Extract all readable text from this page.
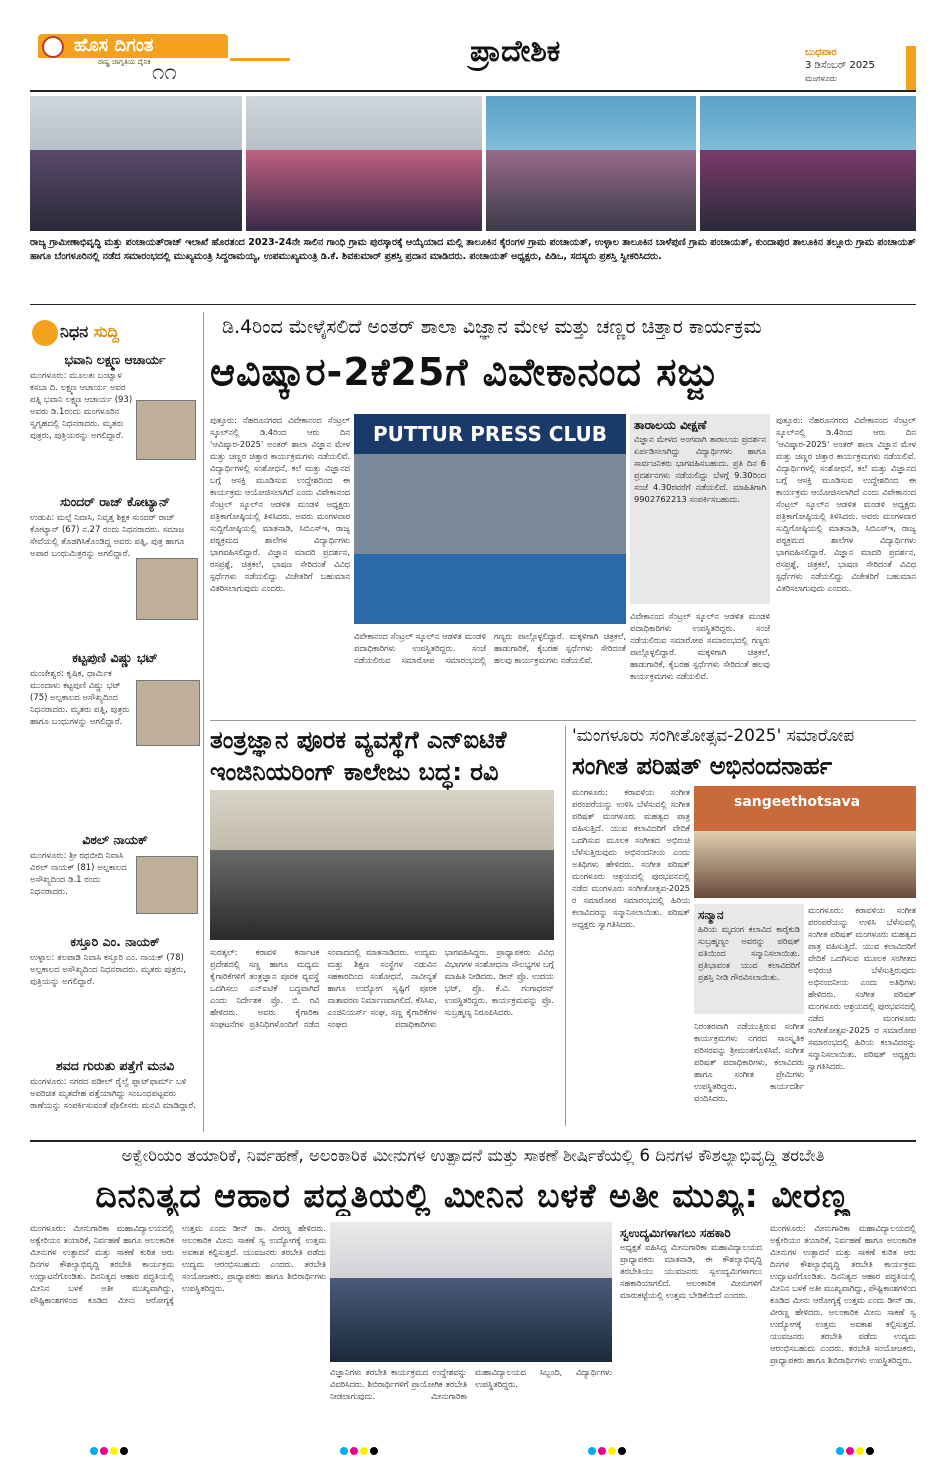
ಹೊಸ ದಿಗಂತ
ರಾಷ್ಟ್ರ ಜಾಗೃತಿಯ ದೈನಿಕ ೧೧
ಪ್ರಾದೇಶಿಕ	ಬುಧವಾರ
3 ಡಿಸೆಂಬರ್ 2025
ಮಂಗಳೂರು
ರಾಜ್ಯ ಗ್ರಾಮೀಣಾಭಿವೃದ್ಧಿ ಮತ್ತು ಪಂಚಾಯತ್‌ರಾಜ್ ಇಲಾಖೆ ಹೊರತಂದ 2023-24ನೇ ಸಾಲಿನ ಗಾಂಧಿ ಗ್ರಾಮ ಪುರಸ್ಕಾರಕ್ಕೆ ಆಯ್ಕೆಯಾದ ಮಲ್ಲಿ ತಾಲೂಕಿನ ಕೈರಂಗಳ ಗ್ರಾಮ ಪಂಚಾಯತ್, ಉಳ್ಳಾಲ ತಾಲೂಕಿನ ಬಾಳೆಪುಣಿ ಗ್ರಾಮ ಪಂಚಾಯತ್, ಕುಂದಾಪುರ ತಾಲೂಕಿನ ತಲ್ಲೂರು ಗ್ರಾಮ ಪಂಚಾಯತ್ ಹಾಗೂ ಬೆಂಗಳೂರಿನಲ್ಲಿ ನಡೆದ ಸಮಾರಂಭದಲ್ಲಿ ಮುಖ್ಯಮಂತ್ರಿ ಸಿದ್ದರಾಮಯ್ಯ, ಉಪಮುಖ್ಯಮಂತ್ರಿ ಡಿ.ಕೆ. ಶಿವಕುಮಾರ್ ಪ್ರಶಸ್ತಿ ಪ್ರದಾನ ಮಾಡಿದರು. ಪಂಚಾಯತ್ ಅಧ್ಯಕ್ಷರು, ಪಿಡಿಒ, ಸದಸ್ಯರು ಪ್ರಶಸ್ತಿ ಸ್ವೀಕರಿಸಿದರು.
ನಿಧನ ಸುದ್ದಿ
ಭವಾನಿ ಲಕ್ಷ್ಮಣ ಆಚಾರ್ಯ
ಮಂಗಳೂರು: ಮೂಲತಃ ಬಂಟ್ವಾಳ ಕಸಬಾ ದಿ. ಲಕ್ಷ್ಮಣ ಆಚಾರ್ಯ ಅವರ ಪತ್ನಿ ಭವಾನಿ ಲಕ್ಷ್ಮಣ ಆಚಾರ್ಯ (93) ಅವರು ಡಿ.1ರಂದು ಮಂಗಳೂರಿನ ಸ್ವಗೃಹದಲ್ಲಿ ನಿಧನರಾದರು. ಮೃತರು ಪುತ್ರರು, ಪುತ್ರಿಯರನ್ನು ಅಗಲಿದ್ದಾರೆ.
ಸುಂದರ್ ರಾಜ್ ಕೋಟ್ಯಾನ್
ಉಡುಪಿ: ಮಲ್ಪೆ ನಿವಾಸಿ, ನಿವೃತ್ತ ಶಿಕ್ಷಕ ಸುಂದರ್ ರಾಜ್ ಕೋಟ್ಯಾನ್ (67) ನ.27 ರಂದು ನಿಧನರಾದರು. ಸಮಾಜ ಸೇವೆಯಲ್ಲಿ ತೊಡಗಿಸಿಕೊಂಡಿದ್ದ ಅವರು ಪತ್ನಿ, ಪುತ್ರ ಹಾಗೂ ಅಪಾರ ಬಂಧುಮಿತ್ರರನ್ನು ಅಗಲಿದ್ದಾರೆ.
ಕಟ್ಟಪುಣಿ ವಿಷ್ಣು ಭಟ್
ಮಂಜೇಶ್ವರ: ಕೃಷಿಕ, ಧಾರ್ಮಿಕ ಮುಂದಾಳು ಕಟ್ಟಪುಣಿ ವಿಷ್ಣು ಭಟ್ (75) ಅಲ್ಪಕಾಲದ ಅಸೌಖ್ಯದಿಂದ ನಿಧನರಾದರು. ಮೃತರು ಪತ್ನಿ, ಪುತ್ರರು ಹಾಗೂ ಬಂಧುಗಳನ್ನು ಅಗಲಿದ್ದಾರೆ.
ವಿಠಲ್ ನಾಯಕ್
ಮಂಗಳೂರು: ಶ್ರೀ ರಥಬೀದಿ ನಿವಾಸಿ ವಿಠಲ್ ನಾಯಕ್ (81) ಅಲ್ಪಕಾಲದ ಅಸೌಖ್ಯದಿಂದ ಡಿ.1 ರಂದು ನಿಧನರಾದರು.
ಕಸ್ತೂರಿ ಎಂ. ನಾಯಕ್
ಉಳ್ಳಾಲ: ತಲಪಾಡಿ ನಿವಾಸಿ ಕಸ್ತೂರಿ ಎಂ. ನಾಯಕ್ (78) ಅಲ್ಪಕಾಲದ ಅಸೌಖ್ಯದಿಂದ ನಿಧನರಾದರು. ಮೃತರು ಪುತ್ರರು, ಪುತ್ರಿಯನ್ನು ಅಗಲಿದ್ದಾರೆ.
ಶವದ ಗುರುತು ಪತ್ತೆಗೆ ಮನವಿ
ಮಂಗಳೂರು: ನಗರದ ಪಡೀಲ್ ರೈಲ್ವೆ ಪ್ಲಾಟ್‌ಫಾರ್ಮ್ ಬಳಿ ಅಪರಿಚಿತ ಮೃತದೇಹ ಪತ್ತೆಯಾಗಿದ್ದು ಸಂಬಂಧಪಟ್ಟವರು ಠಾಣೆಯನ್ನು ಸಂಪರ್ಕಿಸುವಂತೆ ಪೊಲೀಸರು ಮನವಿ ಮಾಡಿದ್ದಾರೆ.
ಡಿ.4ರಿಂದ ಮೇಳೈಸಲಿದೆ ಅಂತರ್ ಶಾಲಾ ವಿಜ್ಞಾನ ಮೇಳ ಮತ್ತು ಚಣ್ಣರ ಚಿತ್ತಾರ ಕಾರ್ಯಕ್ರಮ
ಆವಿಷ್ಕಾರ-2ಕೆ25ಗೆ ವಿವೇಕಾನಂದ ಸಜ್ಜು
ಪುತ್ತೂರು: ನೆಹರೂನಗರದ ವಿವೇಕಾನಂದ ಸೆಂಟ್ರಲ್ ಸ್ಕೂಲ್‌ನಲ್ಲಿ ಡಿ.4ರಿಂದ ಆರು ದಿನ 'ಆವಿಷ್ಕಾರ-2025' ಅಂತರ್ ಶಾಲಾ ವಿಜ್ಞಾನ ಮೇಳ ಮತ್ತು ಚಣ್ಣರ ಚಿತ್ತಾರ ಕಾರ್ಯಕ್ರಮಗಳು ನಡೆಯಲಿವೆ. ವಿದ್ಯಾರ್ಥಿಗಳಲ್ಲಿ ಸಂಶೋಧನೆ, ಕಲೆ ಮತ್ತು ವಿಜ್ಞಾನದ ಬಗ್ಗೆ ಆಸಕ್ತಿ ಮೂಡಿಸುವ ಉದ್ದೇಶದಿಂದ ಈ ಕಾರ್ಯಕ್ರಮ ಆಯೋಜಿಸಲಾಗಿದೆ ಎಂದು ವಿವೇಕಾನಂದ ಸೆಂಟ್ರಲ್ ಸ್ಕೂಲ್‌ನ ಆಡಳಿತ ಮಂಡಳಿ ಅಧ್ಯಕ್ಷರು ಪತ್ರಿಕಾಗೋಷ್ಠಿಯಲ್ಲಿ ತಿಳಿಸಿದರು. ಅವರು ಮಂಗಳವಾರ ಸುದ್ದಿಗೋಷ್ಠಿಯಲ್ಲಿ ಮಾತನಾಡಿ, ಸಿಬಿಎಸ್‌ಇ, ರಾಜ್ಯ ಪಠ್ಯಕ್ರಮದ ಶಾಲೆಗಳ ವಿದ್ಯಾರ್ಥಿಗಳು ಭಾಗವಹಿಸಲಿದ್ದಾರೆ. ವಿಜ್ಞಾನ ಮಾದರಿ ಪ್ರದರ್ಶನ, ರಸಪ್ರಶ್ನೆ, ಚಿತ್ರಕಲೆ, ಭಾಷಣ ಸೇರಿದಂತೆ ವಿವಿಧ ಸ್ಪರ್ಧೆಗಳು ನಡೆಯಲಿದ್ದು ವಿಜೇತರಿಗೆ ಬಹುಮಾನ ವಿತರಿಸಲಾಗುವುದು ಎಂದರು.
PUTTUR PRESS CLUB
ವಿವೇಕಾನಂದ ಸೆಂಟ್ರಲ್ ಸ್ಕೂಲ್‌ನ ಆಡಳಿತ ಮಂಡಳಿ ಪದಾಧಿಕಾರಿಗಳು ಉಪಸ್ಥಿತರಿದ್ದರು. ಸಂಜೆ ನಡೆಯಲಿರುವ ಸಮಾರೋಪ ಸಮಾರಂಭದಲ್ಲಿ ಗಣ್ಯರು ಪಾಲ್ಗೊಳ್ಳಲಿದ್ದಾರೆ. ಮಕ್ಕಳಿಗಾಗಿ ಚಿತ್ರಕಲೆ, ಹಾಡುಗಾರಿಕೆ, ಕೈಬರಹ ಸ್ಪರ್ಧೆಗಳು ಸೇರಿದಂತೆ ಹಲವು ಕಾರ್ಯಕ್ರಮಗಳು ನಡೆಯಲಿವೆ.
ತಾರಾಲಯ ವೀಕ್ಷಣೆ
ವಿಜ್ಞಾನ ಮೇಳದ ಅಂಗವಾಗಿ ತಾರಾಲಯ ಪ್ರದರ್ಶನ ಏರ್ಪಡಿಸಲಾಗಿದ್ದು ವಿದ್ಯಾರ್ಥಿಗಳು ಹಾಗೂ ಸಾರ್ವಜನಿಕರು ಭಾಗವಹಿಸಬಹುದು. ಪ್ರತಿ ದಿನ 6 ಪ್ರದರ್ಶನಗಳು ನಡೆಯಲಿದ್ದು ಬೆಳಗ್ಗೆ 9.30ರಿಂದ ಸಂಜೆ 4.30ರವರೆಗೆ ನಡೆಯಲಿದೆ. ಮಾಹಿತಿಗಾಗಿ 9902762213 ಸಂಪರ್ಕಿಸಬಹುದು.
ವಿವೇಕಾನಂದ ಸೆಂಟ್ರಲ್ ಸ್ಕೂಲ್‌ನ ಆಡಳಿತ ಮಂಡಳಿ ಪದಾಧಿಕಾರಿಗಳು ಉಪಸ್ಥಿತರಿದ್ದರು. ಸಂಜೆ ನಡೆಯಲಿರುವ ಸಮಾರೋಪ ಸಮಾರಂಭದಲ್ಲಿ ಗಣ್ಯರು ಪಾಲ್ಗೊಳ್ಳಲಿದ್ದಾರೆ. ಮಕ್ಕಳಿಗಾಗಿ ಚಿತ್ರಕಲೆ, ಹಾಡುಗಾರಿಕೆ, ಕೈಬರಹ ಸ್ಪರ್ಧೆಗಳು ಸೇರಿದಂತೆ ಹಲವು ಕಾರ್ಯಕ್ರಮಗಳು ನಡೆಯಲಿವೆ.
ಪುತ್ತೂರು: ನೆಹರೂನಗರದ ವಿವೇಕಾನಂದ ಸೆಂಟ್ರಲ್ ಸ್ಕೂಲ್‌ನಲ್ಲಿ ಡಿ.4ರಿಂದ ಆರು ದಿನ 'ಆವಿಷ್ಕಾರ-2025' ಅಂತರ್ ಶಾಲಾ ವಿಜ್ಞಾನ ಮೇಳ ಮತ್ತು ಚಣ್ಣರ ಚಿತ್ತಾರ ಕಾರ್ಯಕ್ರಮಗಳು ನಡೆಯಲಿವೆ. ವಿದ್ಯಾರ್ಥಿಗಳಲ್ಲಿ ಸಂಶೋಧನೆ, ಕಲೆ ಮತ್ತು ವಿಜ್ಞಾನದ ಬಗ್ಗೆ ಆಸಕ್ತಿ ಮೂಡಿಸುವ ಉದ್ದೇಶದಿಂದ ಈ ಕಾರ್ಯಕ್ರಮ ಆಯೋಜಿಸಲಾಗಿದೆ ಎಂದು ವಿವೇಕಾನಂದ ಸೆಂಟ್ರಲ್ ಸ್ಕೂಲ್‌ನ ಆಡಳಿತ ಮಂಡಳಿ ಅಧ್ಯಕ್ಷರು ಪತ್ರಿಕಾಗೋಷ್ಠಿಯಲ್ಲಿ ತಿಳಿಸಿದರು. ಅವರು ಮಂಗಳವಾರ ಸುದ್ದಿಗೋಷ್ಠಿಯಲ್ಲಿ ಮಾತನಾಡಿ, ಸಿಬಿಎಸ್‌ಇ, ರಾಜ್ಯ ಪಠ್ಯಕ್ರಮದ ಶಾಲೆಗಳ ವಿದ್ಯಾರ್ಥಿಗಳು ಭಾಗವಹಿಸಲಿದ್ದಾರೆ. ವಿಜ್ಞಾನ ಮಾದರಿ ಪ್ರದರ್ಶನ, ರಸಪ್ರಶ್ನೆ, ಚಿತ್ರಕಲೆ, ಭಾಷಣ ಸೇರಿದಂತೆ ವಿವಿಧ ಸ್ಪರ್ಧೆಗಳು ನಡೆಯಲಿದ್ದು ವಿಜೇತರಿಗೆ ಬಹುಮಾನ ವಿತರಿಸಲಾಗುವುದು ಎಂದರು.
ತಂತ್ರಜ್ಞಾನ ಪೂರಕ ವ್ಯವಸ್ಥೆಗೆ ಎನ್‌ಐಟಿಕೆ
ಇಂಜಿನಿಯರಿಂಗ್ ಕಾಲೇಜು ಬದ್ಧ: ರವಿ
ಸುರತ್ಕಲ್: ಕರಾವಳಿ ಕರ್ನಾಟಕ ಪ್ರದೇಶದಲ್ಲಿ ಸಣ್ಣ ಹಾಗೂ ಮಧ್ಯಮ ಕೈಗಾರಿಕೆಗಳಿಗೆ ತಂತ್ರಜ್ಞಾನ ಪೂರಕ ವ್ಯವಸ್ಥೆ ಒದಗಿಸಲು ಎನ್‌ಐಟಿಕೆ ಬದ್ಧವಾಗಿದೆ ಎಂದು ನಿರ್ದೇಶಕ ಪ್ರೊ. ಬಿ. ರವಿ ಹೇಳಿದರು. ಅವರು ಕೈಗಾರಿಕಾ ಸಂಘಟನೆಗಳ ಪ್ರತಿನಿಧಿಗಳೊಂದಿಗೆ ನಡೆದ ಸಂವಾದದಲ್ಲಿ ಮಾತನಾಡಿದರು. ಉದ್ಯಮ ಮತ್ತು ಶಿಕ್ಷಣ ಸಂಸ್ಥೆಗಳ ನಡುವಿನ ಸಹಕಾರದಿಂದ ಸಂಶೋಧನೆ, ನಾವೀನ್ಯತೆ ಹಾಗೂ ಉದ್ಯೋಗ ಸೃಷ್ಟಿಗೆ ಪೂರಕ ವಾತಾವರಣ ನಿರ್ಮಾಣವಾಗಲಿದೆ. ಕೆಸಿಸಿಐ, ಎಂಜಿನಿಯರ್ಸ್ ಸಂಘ, ಸಣ್ಣ ಕೈಗಾರಿಕೆಗಳ ಸಂಘದ ಪದಾಧಿಕಾರಿಗಳು ಭಾಗವಹಿಸಿದ್ದರು. ಪ್ರಾಧ್ಯಾಪಕರು ವಿವಿಧ ವಿಭಾಗಗಳ ಸಂಶೋಧನಾ ಸೌಲಭ್ಯಗಳ ಬಗ್ಗೆ ಮಾಹಿತಿ ನೀಡಿದರು. ಡೀನ್ ಪ್ರೊ. ಉದಯ ಭಟ್, ಪ್ರೊ. ಕೆ.ವಿ. ಗಂಗಾಧರನ್ ಉಪಸ್ಥಿತರಿದ್ದರು. ಕಾರ್ಯಕ್ರಮವನ್ನು ಪ್ರೊ. ಸುಬ್ರಹ್ಮಣ್ಯ ನಿರೂಪಿಸಿದರು.
'ಮಂಗಳೂರು ಸಂಗೀತೋತ್ಸವ-2025' ಸಮಾರೋಪ
ಸಂಗೀತ ಪರಿಷತ್ ಅಭಿನಂದನಾರ್ಹ
ಮಂಗಳೂರು: ಕರಾವಳಿಯ ಸಂಗೀತ ಪರಂಪರೆಯನ್ನು ಉಳಿಸಿ ಬೆಳೆಸುವಲ್ಲಿ ಸಂಗೀತ ಪರಿಷತ್ ಮಂಗಳೂರು ಮಹತ್ವದ ಪಾತ್ರ ವಹಿಸುತ್ತಿದೆ. ಯುವ ಕಲಾವಿದರಿಗೆ ವೇದಿಕೆ ಒದಗಿಸುವ ಮೂಲಕ ಸಂಗೀತದ ಅಭಿರುಚಿ ಬೆಳೆಸುತ್ತಿರುವುದು ಅಭಿನಂದನೀಯ ಎಂದು ಅತಿಥಿಗಳು ಹೇಳಿದರು. ಸಂಗೀತ ಪರಿಷತ್ ಮಂಗಳೂರು ಆಶ್ರಯದಲ್ಲಿ ಪುರಭವನದಲ್ಲಿ ನಡೆದ ಮಂಗಳೂರು ಸಂಗೀತೋತ್ಸವ-2025 ರ ಸಮಾರೋಪ ಸಮಾರಂಭದಲ್ಲಿ ಹಿರಿಯ ಕಲಾವಿದರನ್ನು ಸನ್ಮಾನಿಸಲಾಯಿತು. ಪರಿಷತ್ ಅಧ್ಯಕ್ಷರು ಸ್ವಾಗತಿಸಿದರು.
sangeethotsava
ಸನ್ಮಾನ
ಹಿರಿಯ ಮೃದಂಗ ಕಲಾವಿದ ಕಾರೈಕುಡಿ ಸುಬ್ರಹ್ಮಣ್ಯಂ ಅವರನ್ನು ಪರಿಷತ್ ವತಿಯಿಂದ ಸನ್ಮಾನಿಸಲಾಯಿತು. ಪ್ರತಿಭಾವಂತ ಯುವ ಕಲಾವಿದರಿಗೆ ಪ್ರಶಸ್ತಿ ನೀಡಿ ಗೌರವಿಸಲಾಯಿತು.
ನಿರಂತರವಾಗಿ ನಡೆಯುತ್ತಿರುವ ಸಂಗೀತ ಕಾರ್ಯಕ್ರಮಗಳು ನಗರದ ಸಾಂಸ್ಕೃತಿಕ ಪರಿಸರವನ್ನು ಶ್ರೀಮಂತಗೊಳಿಸಿವೆ. ಸಂಗೀತ ಪರಿಷತ್ ಪದಾಧಿಕಾರಿಗಳು, ಕಲಾವಿದರು ಹಾಗೂ ಸಂಗೀತ ಪ್ರೇಮಿಗಳು ಉಪಸ್ಥಿತರಿದ್ದರು. ಕಾರ್ಯದರ್ಶಿ ವಂದಿಸಿದರು.
ಮಂಗಳೂರು: ಕರಾವಳಿಯ ಸಂಗೀತ ಪರಂಪರೆಯನ್ನು ಉಳಿಸಿ ಬೆಳೆಸುವಲ್ಲಿ ಸಂಗೀತ ಪರಿಷತ್ ಮಂಗಳೂರು ಮಹತ್ವದ ಪಾತ್ರ ವಹಿಸುತ್ತಿದೆ. ಯುವ ಕಲಾವಿದರಿಗೆ ವೇದಿಕೆ ಒದಗಿಸುವ ಮೂಲಕ ಸಂಗೀತದ ಅಭಿರುಚಿ ಬೆಳೆಸುತ್ತಿರುವುದು ಅಭಿನಂದನೀಯ ಎಂದು ಅತಿಥಿಗಳು ಹೇಳಿದರು. ಸಂಗೀತ ಪರಿಷತ್ ಮಂಗಳೂರು ಆಶ್ರಯದಲ್ಲಿ ಪುರಭವನದಲ್ಲಿ ನಡೆದ ಮಂಗಳೂರು ಸಂಗೀತೋತ್ಸವ-2025 ರ ಸಮಾರೋಪ ಸಮಾರಂಭದಲ್ಲಿ ಹಿರಿಯ ಕಲಾವಿದರನ್ನು ಸನ್ಮಾನಿಸಲಾಯಿತು. ಪರಿಷತ್ ಅಧ್ಯಕ್ಷರು ಸ್ವಾಗತಿಸಿದರು.
ಅಕ್ವೇರಿಯಂ ತಯಾರಿಕೆ, ನಿರ್ವಹಣೆ, ಅಲಂಕಾರಿಕ ಮೀನುಗಳ ಉತ್ಪಾದನೆ ಮತ್ತು ಸಾಕಣೆ ಶೀರ್ಷಿಕೆಯಲ್ಲಿ 6 ದಿನಗಳ ಕೌಶಲ್ಯಾಭಿವೃದ್ಧಿ ತರಬೇತಿ
ದಿನನಿತ್ಯದ ಆಹಾರ ಪದ್ಧತಿಯಲ್ಲಿ ಮೀನಿನ ಬಳಕೆ ಅತೀ ಮುಖ್ಯ: ವೀರಣ್ಣ
ಮಂಗಳೂರು: ಮೀನುಗಾರಿಕಾ ಮಹಾವಿದ್ಯಾಲಯದಲ್ಲಿ ಅಕ್ವೇರಿಯಂ ತಯಾರಿಕೆ, ನಿರ್ವಹಣೆ ಹಾಗೂ ಅಲಂಕಾರಿಕ ಮೀನುಗಳ ಉತ್ಪಾದನೆ ಮತ್ತು ಸಾಕಣೆ ಕುರಿತ ಆರು ದಿನಗಳ ಕೌಶಲ್ಯಾಭಿವೃದ್ಧಿ ತರಬೇತಿ ಕಾರ್ಯಕ್ರಮ ಉದ್ಘಾಟನೆಗೊಂಡಿತು. ದಿನನಿತ್ಯದ ಆಹಾರ ಪದ್ಧತಿಯಲ್ಲಿ ಮೀನಿನ ಬಳಕೆ ಅತೀ ಮುಖ್ಯವಾಗಿದ್ದು, ಪೌಷ್ಟಿಕಾಂಶಗಳಿಂದ ಕೂಡಿದ ಮೀನು ಆರೋಗ್ಯಕ್ಕೆ ಉತ್ತಮ ಎಂದು ಡೀನ್ ಡಾ. ವೀರಣ್ಣ ಹೇಳಿದರು. ಅಲಂಕಾರಿಕ ಮೀನು ಸಾಕಣೆ ಸ್ವ ಉದ್ಯೋಗಕ್ಕೆ ಉತ್ತಮ ಅವಕಾಶ ಕಲ್ಪಿಸುತ್ತದೆ. ಯುವಜನರು ತರಬೇತಿ ಪಡೆದು ಉದ್ಯಮ ಆರಂಭಿಸಬಹುದು ಎಂದರು. ತರಬೇತಿ ಸಂಯೋಜಕರು, ಪ್ರಾಧ್ಯಾಪಕರು ಹಾಗೂ ಶಿಬಿರಾರ್ಥಿಗಳು ಉಪಸ್ಥಿತರಿದ್ದರು.
ವಿಜ್ಞಾನಿಗಳು ತರಬೇತಿ ಕಾರ್ಯಕ್ರಮದ ಉದ್ದೇಶವನ್ನು ವಿವರಿಸಿದರು. ಶಿಬಿರಾರ್ಥಿಗಳಿಗೆ ಪ್ರಾಯೋಗಿಕ ತರಬೇತಿ ನೀಡಲಾಗುವುದು. ಮೀನುಗಾರಿಕಾ ಮಹಾವಿದ್ಯಾಲಯದ ಸಿಬ್ಬಂದಿ, ವಿದ್ಯಾರ್ಥಿಗಳು ಉಪಸ್ಥಿತರಿದ್ದರು.
ಸ್ವಉದ್ಯಮಿಗಳಾಗಲು ಸಹಕಾರಿ
ಅಧ್ಯಕ್ಷತೆ ವಹಿಸಿದ್ದ ಮೀನುಗಾರಿಕಾ ಮಹಾವಿದ್ಯಾಲಯದ ಪ್ರಾಧ್ಯಾಪಕರು ಮಾತನಾಡಿ, ಈ ಕೌಶಲ್ಯಾಭಿವೃದ್ಧಿ ತರಬೇತಿಯು ಯುವಜನರು ಸ್ವಉದ್ಯಮಿಗಳಾಗಲು ಸಹಕಾರಿಯಾಗಲಿದೆ. ಅಲಂಕಾರಿಕ ಮೀನುಗಳಿಗೆ ಮಾರುಕಟ್ಟೆಯಲ್ಲಿ ಉತ್ತಮ ಬೇಡಿಕೆಯಿದೆ ಎಂದರು.
ಮಂಗಳೂರು: ಮೀನುಗಾರಿಕಾ ಮಹಾವಿದ್ಯಾಲಯದಲ್ಲಿ ಅಕ್ವೇರಿಯಂ ತಯಾರಿಕೆ, ನಿರ್ವಹಣೆ ಹಾಗೂ ಅಲಂಕಾರಿಕ ಮೀನುಗಳ ಉತ್ಪಾದನೆ ಮತ್ತು ಸಾಕಣೆ ಕುರಿತ ಆರು ದಿನಗಳ ಕೌಶಲ್ಯಾಭಿವೃದ್ಧಿ ತರಬೇತಿ ಕಾರ್ಯಕ್ರಮ ಉದ್ಘಾಟನೆಗೊಂಡಿತು. ದಿನನಿತ್ಯದ ಆಹಾರ ಪದ್ಧತಿಯಲ್ಲಿ ಮೀನಿನ ಬಳಕೆ ಅತೀ ಮುಖ್ಯವಾಗಿದ್ದು, ಪೌಷ್ಟಿಕಾಂಶಗಳಿಂದ ಕೂಡಿದ ಮೀನು ಆರೋಗ್ಯಕ್ಕೆ ಉತ್ತಮ ಎಂದು ಡೀನ್ ಡಾ. ವೀರಣ್ಣ ಹೇಳಿದರು. ಅಲಂಕಾರಿಕ ಮೀನು ಸಾಕಣೆ ಸ್ವ ಉದ್ಯೋಗಕ್ಕೆ ಉತ್ತಮ ಅವಕಾಶ ಕಲ್ಪಿಸುತ್ತದೆ. ಯುವಜನರು ತರಬೇತಿ ಪಡೆದು ಉದ್ಯಮ ಆರಂಭಿಸಬಹುದು ಎಂದರು. ತರಬೇತಿ ಸಂಯೋಜಕರು, ಪ್ರಾಧ್ಯಾಪಕರು ಹಾಗೂ ಶಿಬಿರಾರ್ಥಿಗಳು ಉಪಸ್ಥಿತರಿದ್ದರು.
